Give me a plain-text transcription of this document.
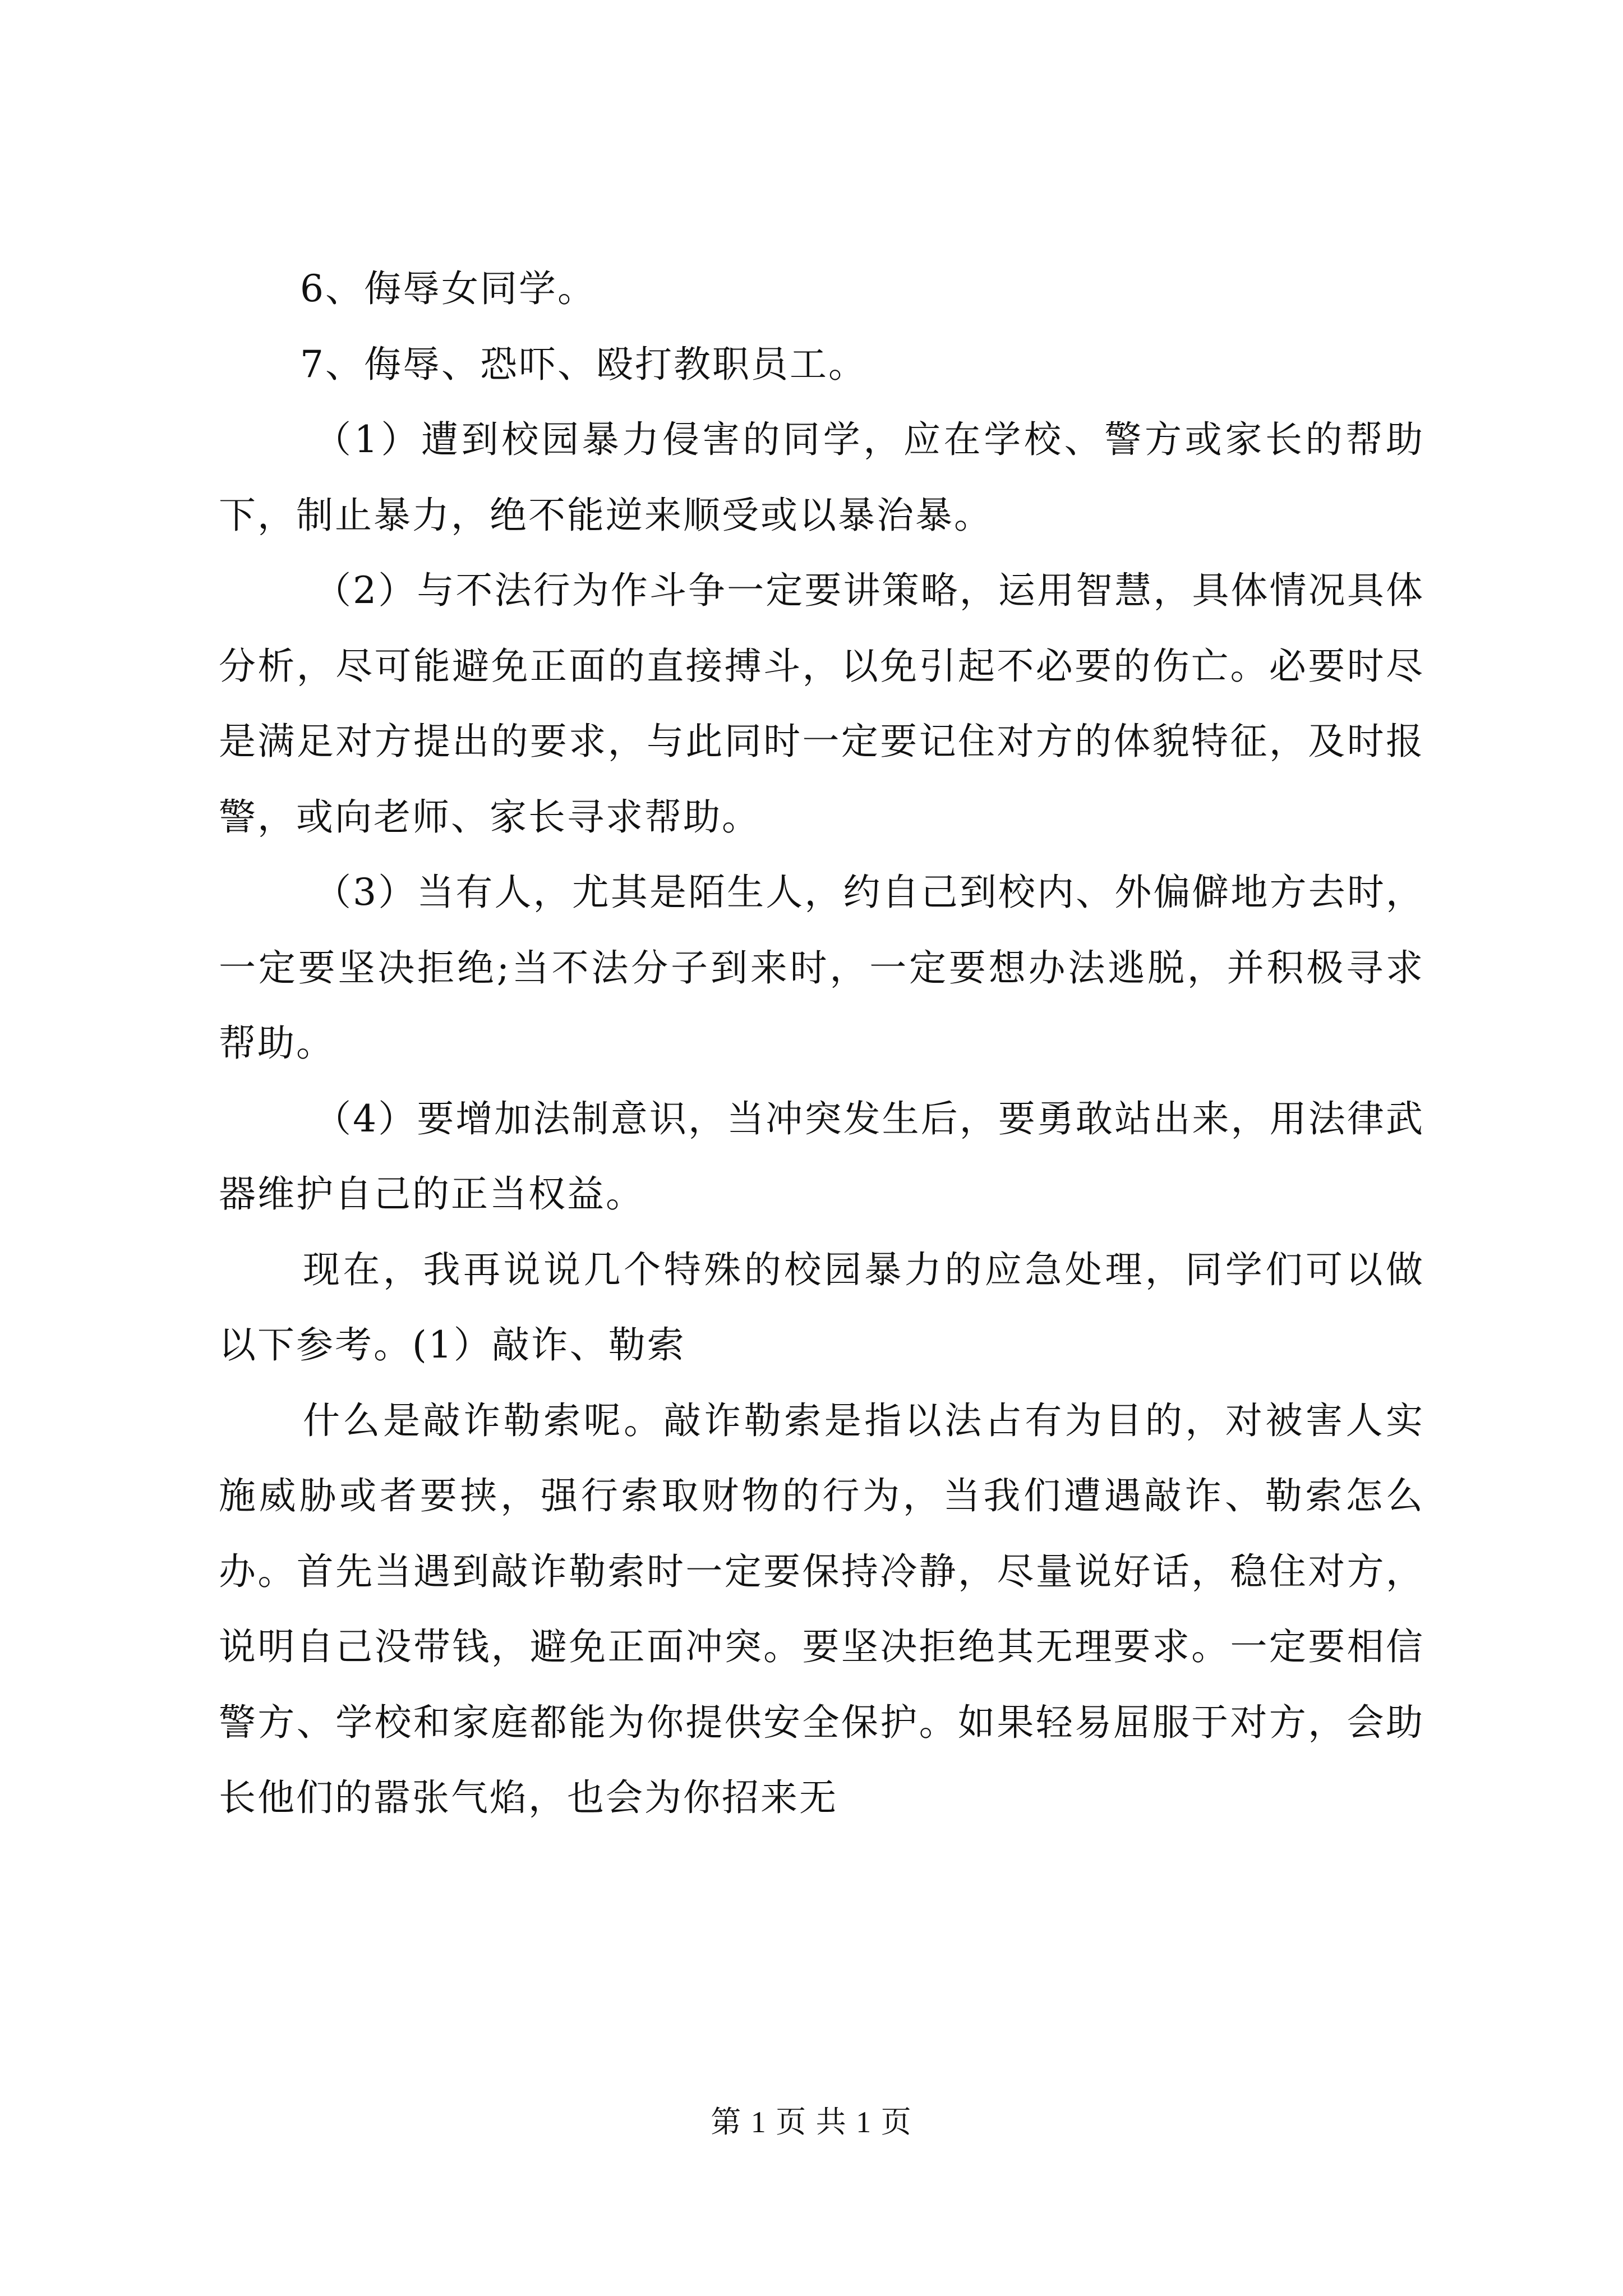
6、侮辱女同学。

7、侮辱、恐吓、殴打教职员工。

（1）遭到校园暴力侵害的同学，应在学校、警方或家长的帮助下，制止暴力，绝不能逆来顺受或以暴治暴。

（2）与不法行为作斗争一定要讲策略，运用智慧，具体情况具体分析，尽可能避免正面的直接搏斗，以免引起不必要的伤亡。必要时尽是满足对方提出的要求，与此同时一定要记住对方的体貌特征，及时报警，或向老师、家长寻求帮助。

（3）当有人，尤其是陌生人，约自己到校内、外偏僻地方去时，一定要坚决拒绝;当不法分子到来时，一定要想办法逃脱，并积极寻求帮助。

（4）要增加法制意识，当冲突发生后，要勇敢站出来，用法律武器维护自己的正当权益。

现在，我再说说几个特殊的校园暴力的应急处理，同学们可以做以下参考。(1）敲诈、勒索

什么是敲诈勒索呢。敲诈勒索是指以法占有为目的，对被害人实施威胁或者要挟，强行索取财物的行为，当我们遭遇敲诈、勒索怎么办。首先当遇到敲诈勒索时一定要保持冷静，尽量说好话，稳住对方，说明自己没带钱，避免正面冲突。要坚决拒绝其无理要求。一定要相信警方、学校和家庭都能为你提供安全保护。如果轻易屈服于对方，会助长他们的嚣张气焰，也会为你招来无

第 1 页 共 1 页
